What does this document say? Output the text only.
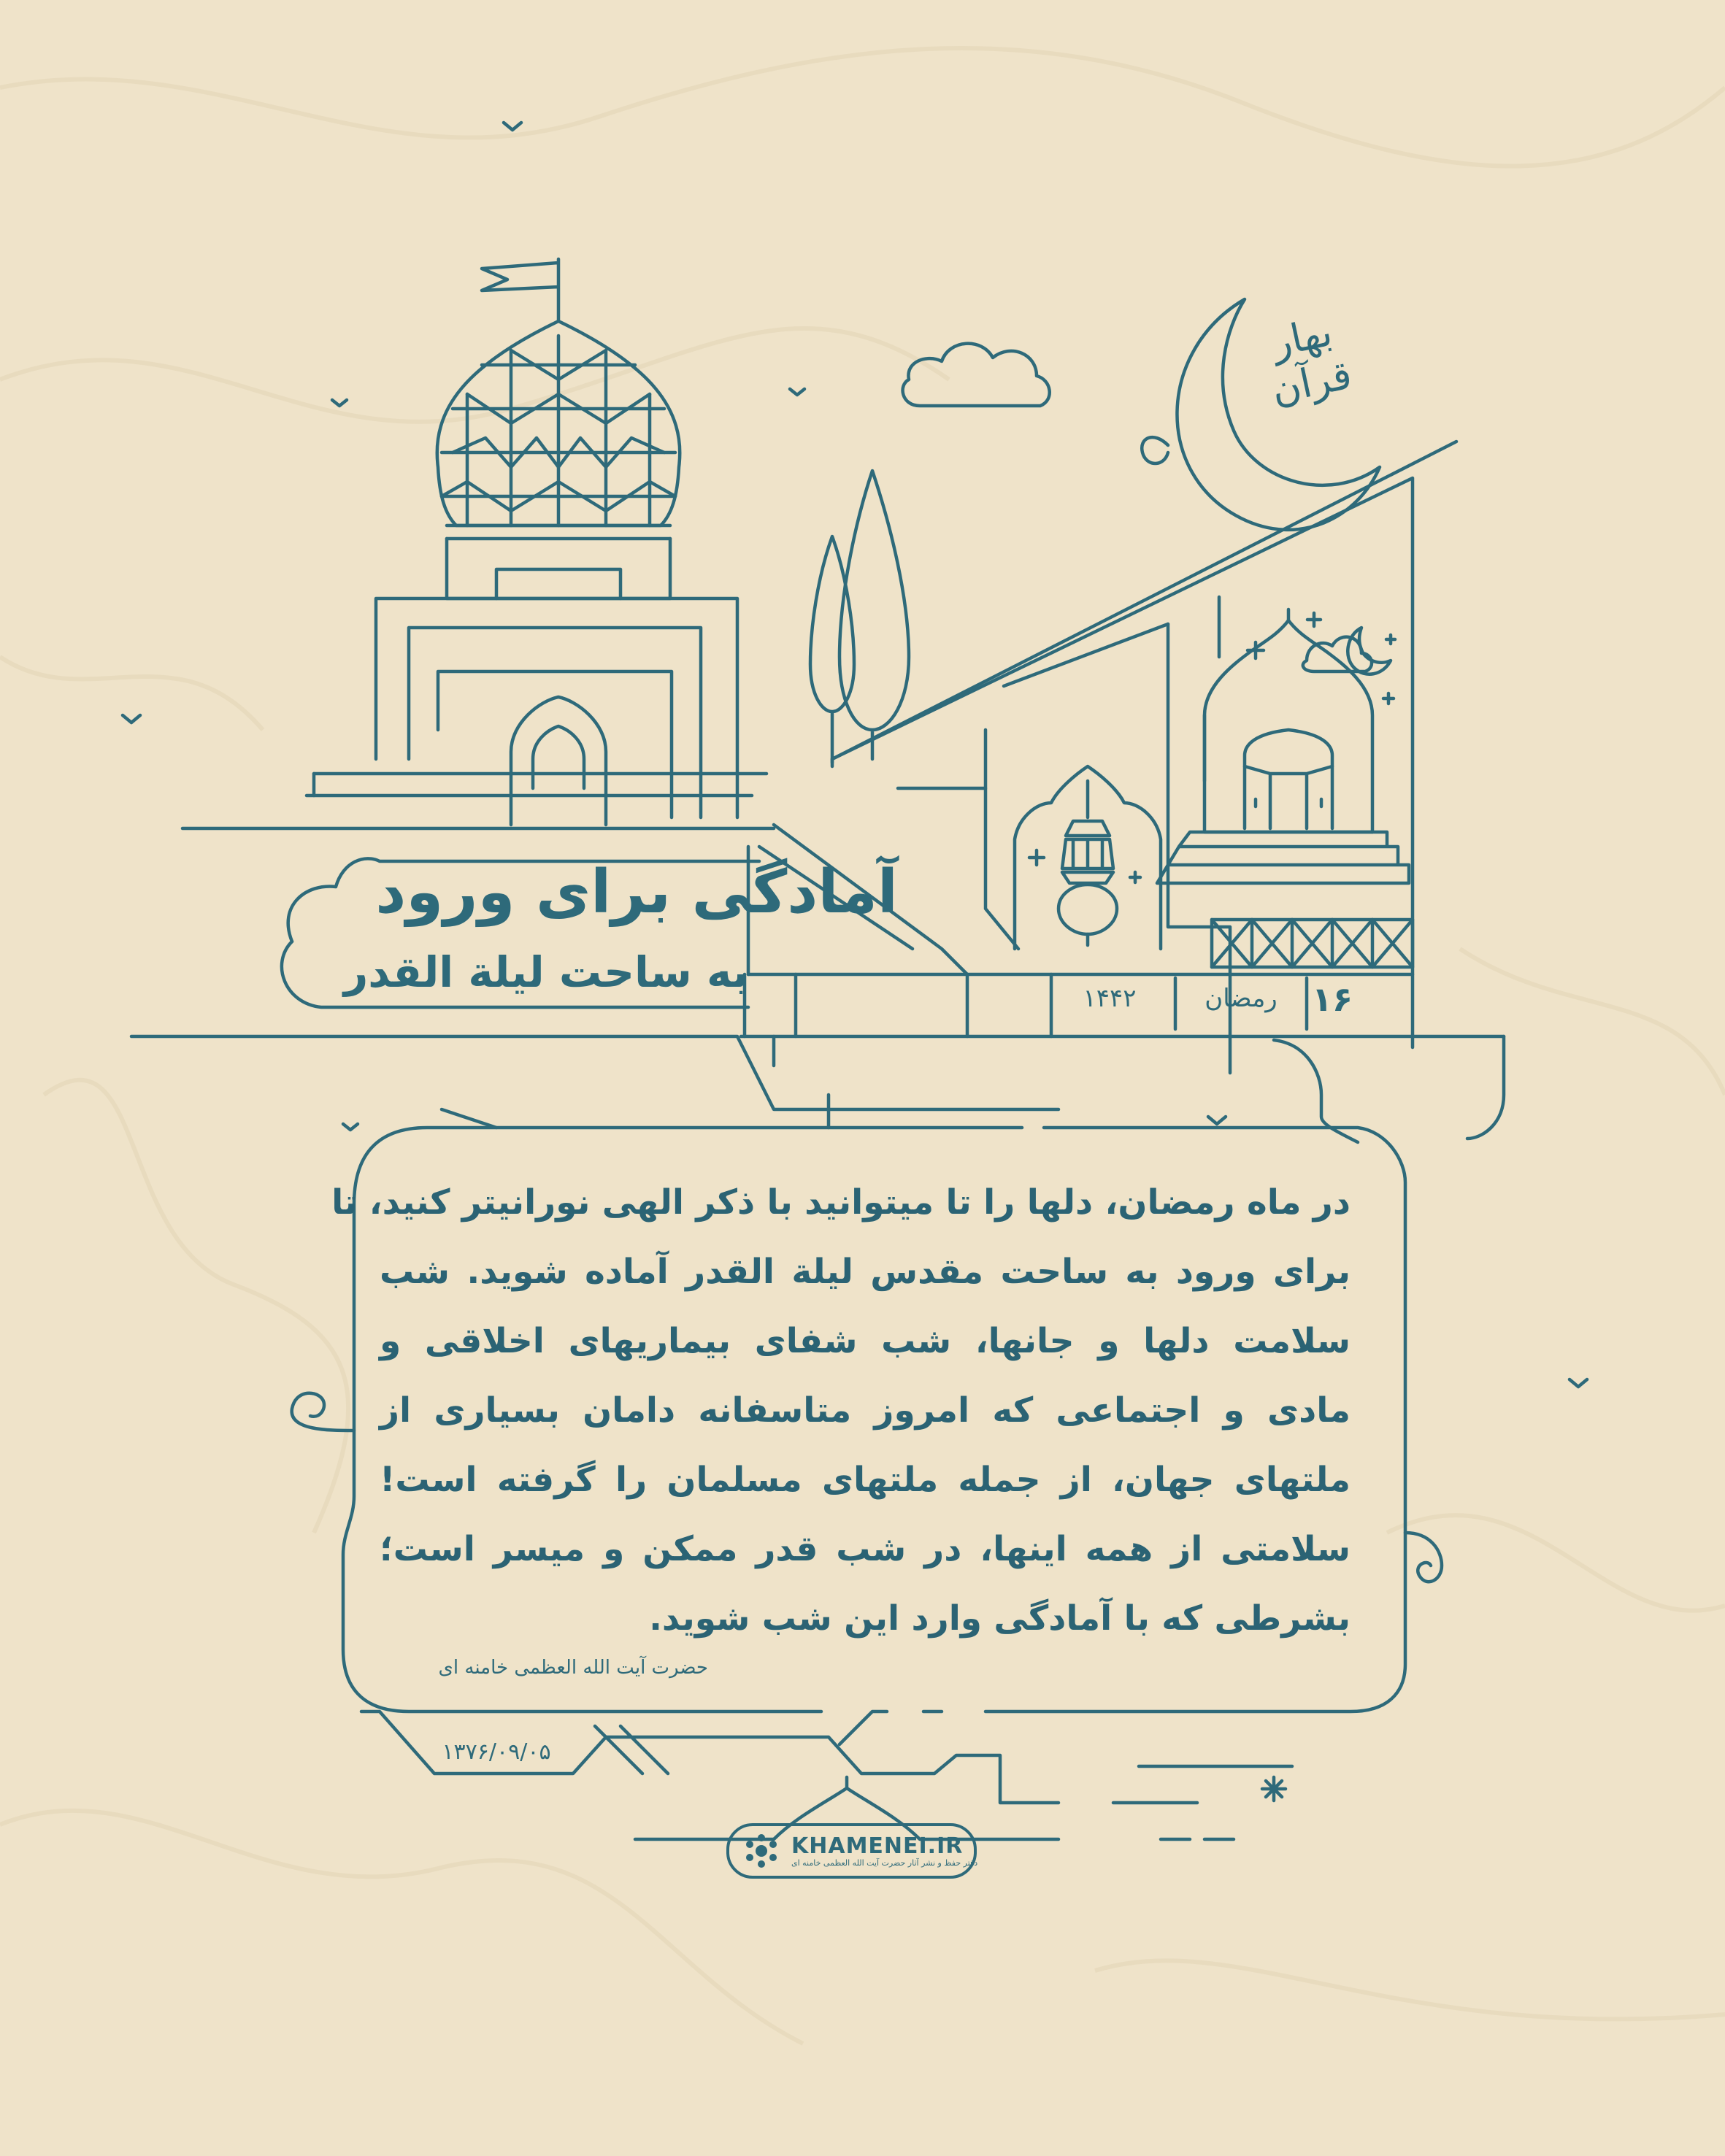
بهار قرآن
آمادگی برای ورود
به ساحت لیلة القدر
۱۶
رمضان
۱۴۴۲
در ماه رمضان، دلها را تا میتوانید با ذکر الهی نورانیتر کنید، تا
برای ورود به ساحت مقدس لیلة القدر آماده شوید. شب
سلامت دلها و جانها، شب شفای بیماریهای اخلاقی و
مادی و اجتماعی که امروز متاسفانه دامان بسیاری از
ملتهای جهان، از جمله ملتهای مسلمان را گرفته است!
سلامتی از همه اینها، در شب قدر ممکن و میسر است؛
بشرطی که با آمادگی وارد این شب شوید.
حضرت آیت الله العظمی خامنه ای
۱۳۷۶/۰۹/۰۵
KHAMENEI.IR
دفتر حفظ و نشر آثار حضرت آیت الله العظمی خامنه ای
